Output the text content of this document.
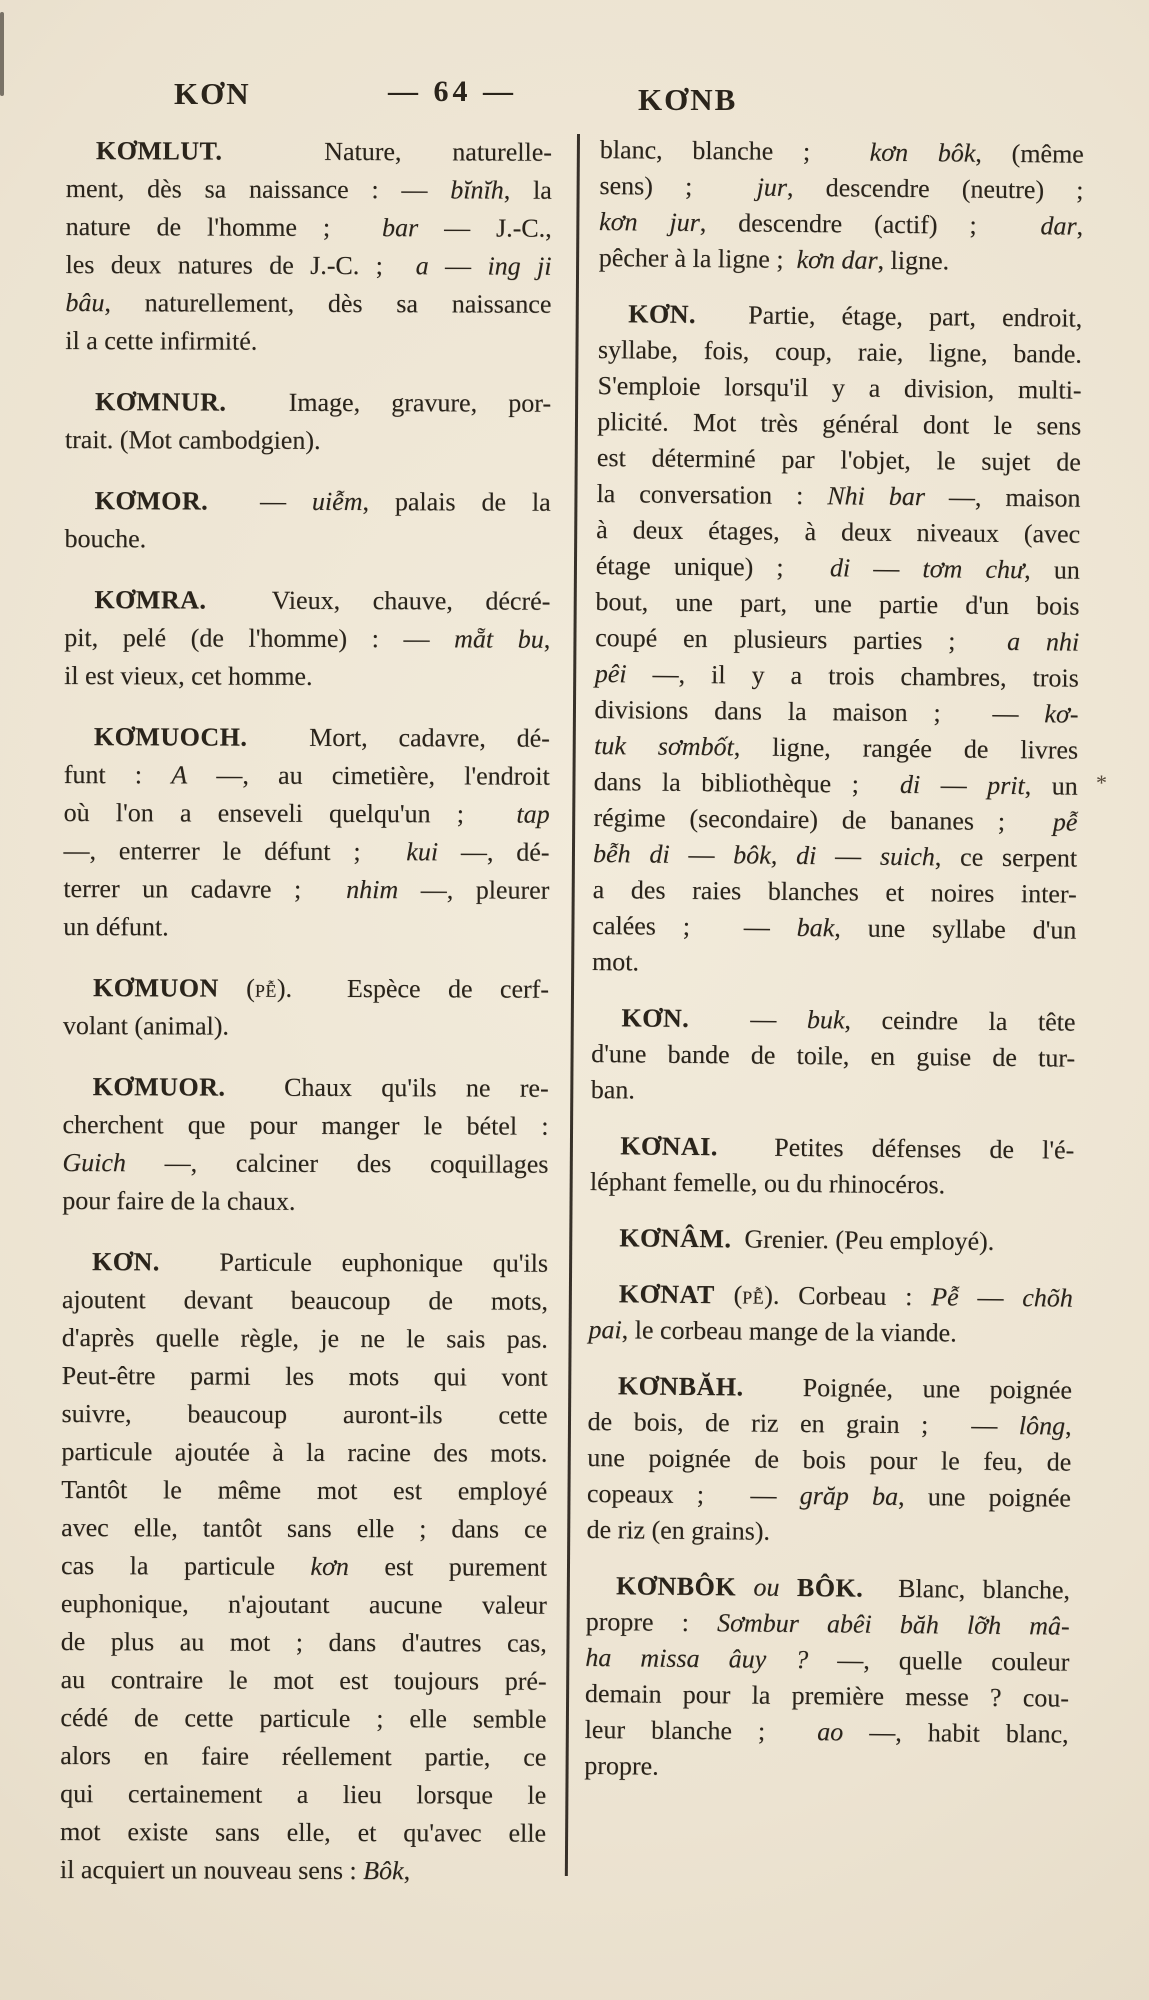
KƠN	— 64 —	KƠNB
KƠMLUT.  Nature, naturelle-
ment, dès sa naissance : — bĭnĭh, la
nature de l'homme ;  bar — J.-C.,
les deux natures de J.-C. ;  a — ing ji
bâu, naturellement, dès sa naissance
il a cette infirmité.
KƠMNUR.  Image, gravure, por-
trait. (Mot cambodgien).
KƠMOR.  — uiễm, palais de la
bouche.
KƠMRA.  Vieux, chauve, décré-
pit, pelé (de l'homme) : — mẵt bu,
il est vieux, cet homme.
KƠMUOCH.  Mort, cadavre, dé-
funt : A —, au cimetière, l'endroit
où l'on a enseveli quelqu'un ;  tap
—, enterrer le défunt ;  kui —, dé-
terrer un cadavre ;  nhim —, pleurer
un défunt.
KƠMUON (pễ).  Espèce de cerf-
volant (animal).
KƠMUOR.  Chaux qu'ils ne re-
cherchent que pour manger le bétel :
Guich —, calciner des coquillages
pour faire de la chaux.
KƠN.  Particule euphonique qu'ils
ajoutent devant beaucoup de mots,
d'après quelle règle, je ne le sais pas.
Peut-être parmi les mots qui vont
suivre, beaucoup auront-ils cette
particule ajoutée à la racine des mots.
Tantôt le même mot est employé
avec elle, tantôt sans elle ; dans ce
cas la particule kơn est purement
euphonique, n'ajoutant aucune valeur
de plus au mot ; dans d'autres cas,
au contraire le mot est toujours pré-
cédé de cette particule ; elle semble
alors en faire réellement partie, ce
qui certainement a lieu lorsque le
mot existe sans elle, et qu'avec elle
il acquiert un nouveau sens : Bôk,
blanc, blanche ;  kơn bôk, (même
sens) ;  jur, descendre (neutre) ;
kơn jur, descendre (actif) ;  dar,
pêcher à la ligne ;  kơn dar, ligne.
KƠN.  Partie, étage, part, endroit,
syllabe, fois, coup, raie, ligne, bande.
S'emploie lorsqu'il y a division, multi-
plicité. Mot très général dont le sens
est déterminé par l'objet, le sujet de
la conversation : Nhi bar —, maison
à deux étages, à deux niveaux (avec
étage unique) ;  di — tơm chư, un
bout, une part, une partie d'un bois
coupé en plusieurs parties ;  a nhi
pêi —, il y a trois chambres, trois
divisions dans la maison ;  — kơ-
tuk sơmbốt, ligne, rangée de livres
dans la bibliothèque ;  di — prit, un
régime (secondaire) de bananes ;  pễ
bễh di — bôk, di — suich, ce serpent
a des raies blanches et noires inter-
calées ;  — bak, une syllabe d'un
mot.
KƠN.  — buk, ceindre la tête
d'une bande de toile, en guise de tur-
ban.
KƠNAI.  Petites défenses de l'é-
léphant femelle, ou du rhinocéros.
KƠNÂM.  Grenier. (Peu employé).
KƠNAT (pễ). Corbeau : Pễ — chõh
pai, le corbeau mange de la viande.
KƠNBĂH.  Poignée, une poignée
de bois, de riz en grain ;  — lông,
une poignée de bois pour le feu, de
copeaux ;  — grăp ba, une poignée
de riz (en grains).
KƠNBÔK ou BÔK.  Blanc, blanche,
propre : Sơmbur abêi băh lỡh mâ-
ha missa âuy ? —, quelle couleur
demain pour la première messe ? cou-
leur blanche ;  ao —, habit blanc,
propre.
*
